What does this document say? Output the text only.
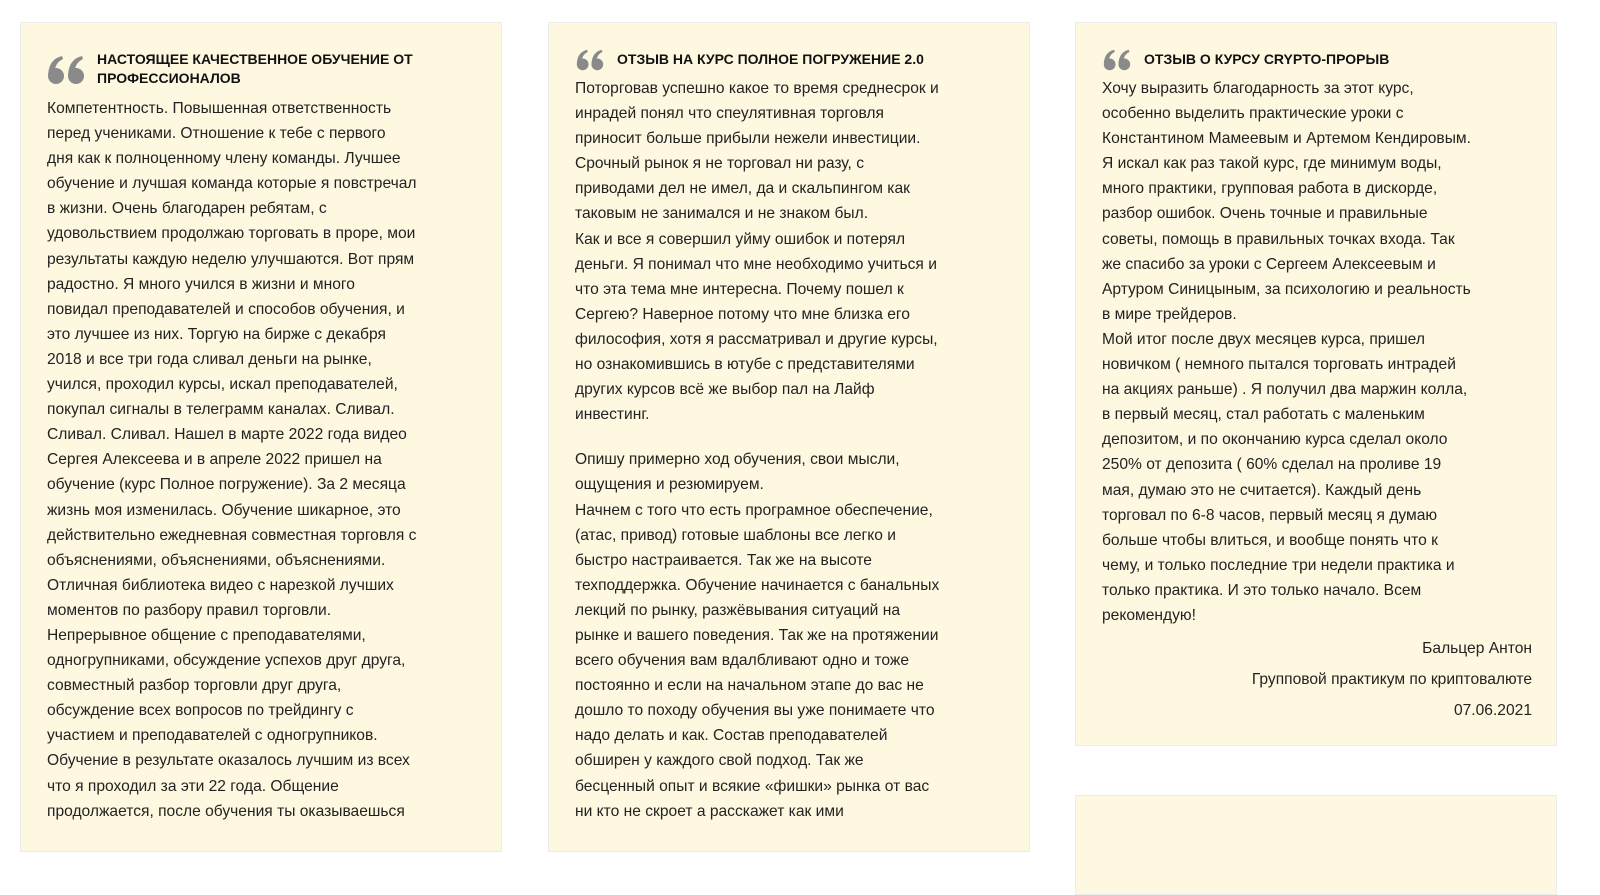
НАСТОЯЩЕЕ КАЧЕСТВЕННОЕ ОБУЧЕНИЕ ОТ
ПРОФЕССИОНАЛОВ
Компетентность. Повышенная ответственность
перед учениками. Отношение к тебе с первого
дня как к полноценному члену команды. Лучшее
обучение и лучшая команда которые я повстречал
в жизни. Очень благодарен ребятам, с
удовольствием продолжаю торговать в проре, мои
результаты каждую неделю улучшаются. Вот прям
радостно. Я много учился в жизни и много
повидал преподавателей и способов обучения, и
это лучшее из них. Торгую на бирже с декабря
2018 и все три года сливал деньги на рынке,
учился, проходил курсы, искал преподавателей,
покупал сигналы в телеграмм каналах. Сливал.
Сливал. Сливал. Нашел в марте 2022 года видео
Сергея Алексеева и в апреле 2022 пришел на
обучение (курс Полное погружение). За 2 месяца
жизнь моя изменилась. Обучение шикарное, это
действительно ежедневная совместная торговля с
объяснениями, объяснениями, объяснениями.
Отличная библиотека видео с нарезкой лучших
моментов по разбору правил торговли.
Непрерывное общение с преподавателями,
одногрупниками, обсуждение успехов друг друга,
совместный разбор торговли друг друга,
обсуждение всех вопросов по трейдингу с
участием и преподавателей с одногрупников.
Обучение в результате оказалось лучшим из всех
что я проходил за эти 22 года. Общение
продолжается, после обучения ты оказываешься
ОТЗЫВ НА КУРС ПОЛНОЕ ПОГРУЖЕНИЕ 2.0
Поторговав успешно какое то время среднесрок и
инрадей понял что спеулятивная торговля
приносит больше прибыли нежели инвестиции.
Срочный рынок я не торговал ни разу, с
приводами дел не имел, да и скальпингом как
таковым не занимался и не знаком был.
Как и все я совершил уйму ошибок и потерял
деньги. Я понимал что мне необходимо учиться и
что эта тема мне интересна. Почему пошел к
Сергею? Наверное потому что мне близка его
философия, хотя я рассматривал и другие курсы,
но ознакомившись в ютубе с представителями
других курсов всё же выбор пал на Лайф
инвестинг.
Опишу примерно ход обучения, свои мысли,
ощущения и резюмируем.
Начнем с того что есть програмное обеспечение,
(атас, привод) готовые шаблоны все легко и
быстро настраивается. Так же на высоте
техподдержка. Обучение начинается с банальных
лекций по рынку, разжёвывания ситуаций на
рынке и вашего поведения. Так же на протяжении
всего обучения вам вдалбливают одно и тоже
постоянно и если на начальном этапе до вас не
дошло то походу обучения вы уже понимаете что
надо делать и как. Состав преподавателей
обширен у каждого свой подход. Так же
бесценный опыт и всякие «фишки» рынка от вас
ни кто не скроет а расскажет как ими
ОТЗЫВ О КУРСУ CRYPTO-ПРОРЫВ
Хочу выразить благодарность за этот курс,
особенно выделить практические уроки с
Константином Мамеевым и Артемом Кендировым.
Я искал как раз такой курс, где минимум воды,
много практики, групповая работа в дискорде,
разбор ошибок. Очень точные и правильные
советы, помощь в правильных точках входа. Так
же спасибо за уроки с Сергеем Алексеевым и
Артуром Синицыным, за психологию и реальность
в мире трейдеров.
Мой итог после двух месяцев курса, пришел
новичком ( немного пытался торговать интрадей
на акциях раньше) . Я получил два маржин колла,
в первый месяц, стал работать с маленьким
депозитом, и по окончанию курса сделал около
250% от депозита ( 60% сделал на проливе 19
мая, думаю это не считается). Каждый день
торговал по 6-8 часов, первый месяц я думаю
больше чтобы влиться, и вообще понять что к
чему, и только последние три недели практика и
только практика. И это только начало. Всем
рекомендую!
Бальцер Антон
Групповой практикум по криптовалюте
07.06.2021
